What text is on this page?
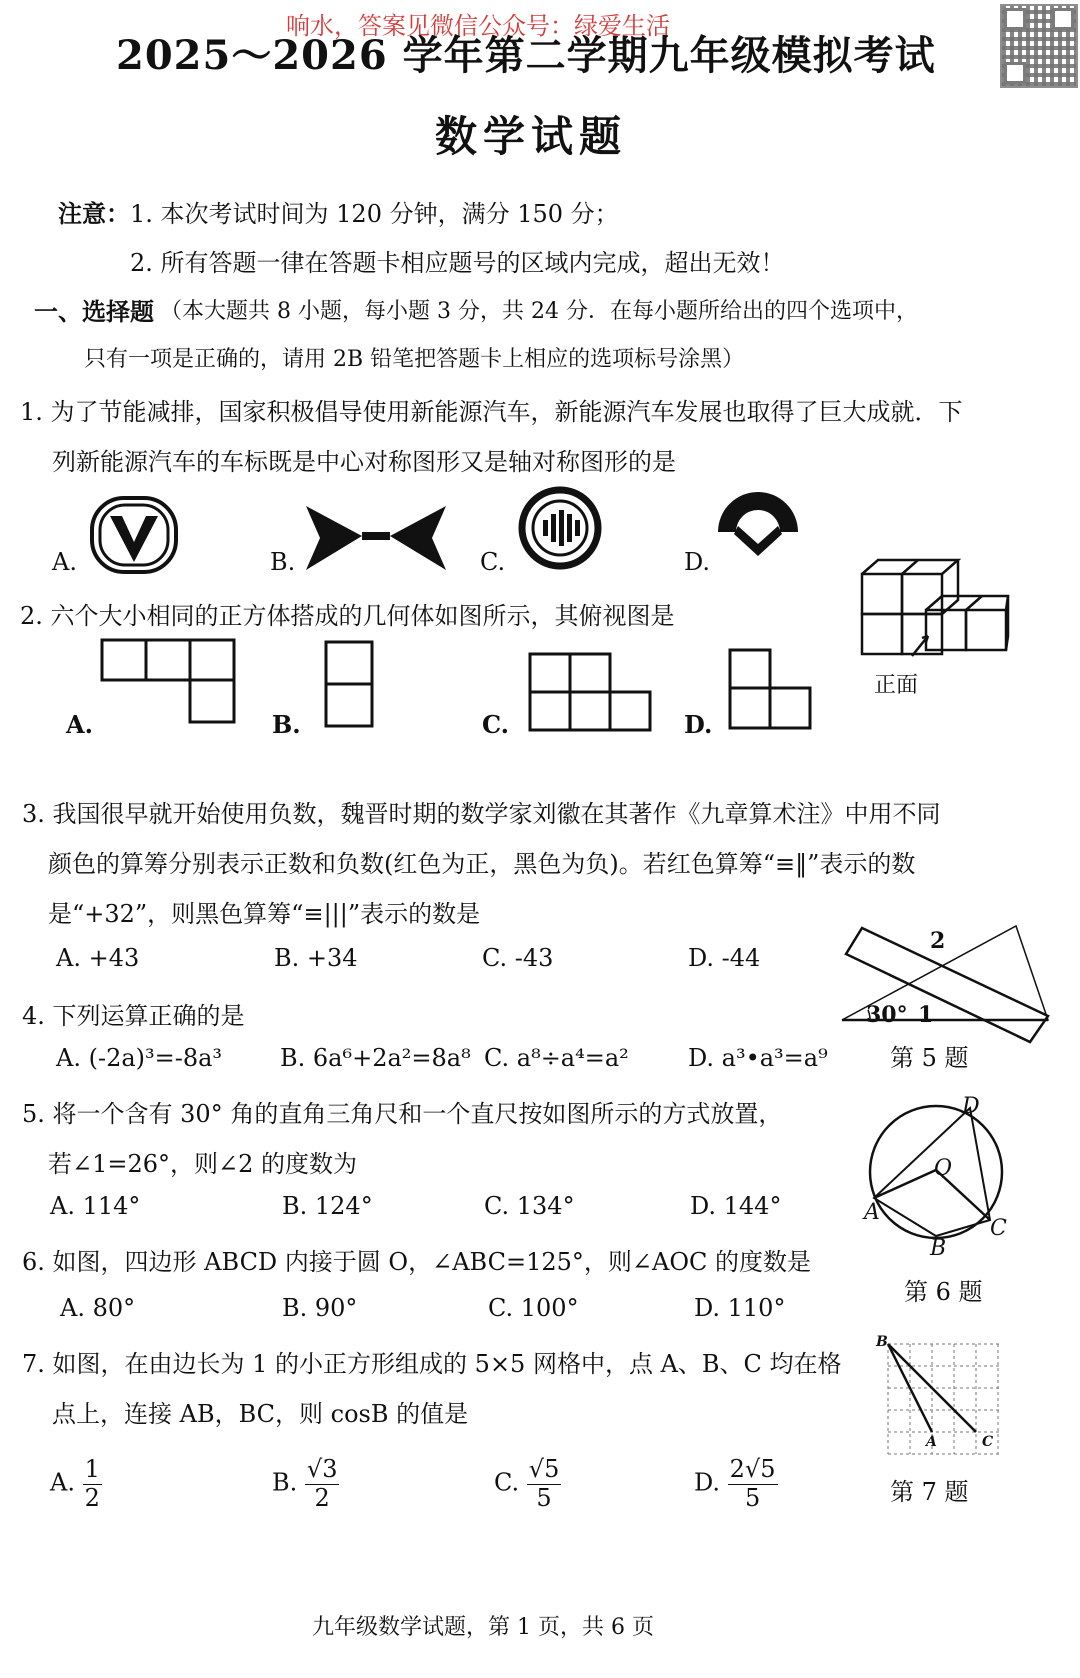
响水，答案见微信公众号：绿爱生活
2025～2026 学年第二学期九年级模拟考试
数学试题
注意： 1. 本次考试时间为 120 分钟，满分 150 分；
2. 所有答题一律在答题卡相应题号的区域内完成，超出无效！
一、选择题 （本大题共 8 小题，每小题 3 分，共 24 分．在每小题所给出的四个选项中，
只有一项是正确的，请用 2B 铅笔把答题卡上相应的选项标号涂黑）
1. 为了节能减排，国家积极倡导使用新能源汽车，新能源汽车发展也取得了巨大成就．下
列新能源汽车的车标既是中心对称图形又是轴对称图形的是
A.	B.	C.	D.
2. 六个大小相同的正方体搭成的几何体如图所示，其俯视图是
A.	B.	C.	D.
正面
3. 我国很早就开始使用负数，魏晋时期的数学家刘徽在其著作《九章算术注》中用不同
颜色的算筹分别表示正数和负数(红色为正，黑色为负)。若红色算筹“≡‖”表示的数
是“+32”，则黑色算筹“≡|||”表示的数是
A. +43	B. +34	C. -43	D. -44
30° 1
2
第 5 题
4. 下列运算正确的是
A. (-2a)³=-8a³ B. 6a⁶+2a²=8a⁸ C. a⁸÷a⁴=a² D. a³•a³=a⁹
5. 将一个含有 30° 角的直角三角尺和一个直尺按如图所示的方式放置，
若∠1=26°，则∠2 的度数为
A. 114°	B. 124°	C. 134°	D. 144°	A
B
C
D
O
第 6 题
6. 如图，四边形 ABCD 内接于圆 O，∠ABC=125°，则∠AOC 的度数是
A. 80°	B. 90°	C. 100°	D. 110°
7. 如图，在由边长为 1 的小正方形组成的 5×5 网格中，点 A、B、C 均在格
点上，连接 AB，BC，则 cosB 的值是
A. $\frac{1}{2}$	B. $\frac{√3}{2}$	C. $\frac{√5}{5}$	D. $\frac{2√5}{5}$
B
A	C
第 7 题
九年级数学试题，第 1 页，共 6 页
